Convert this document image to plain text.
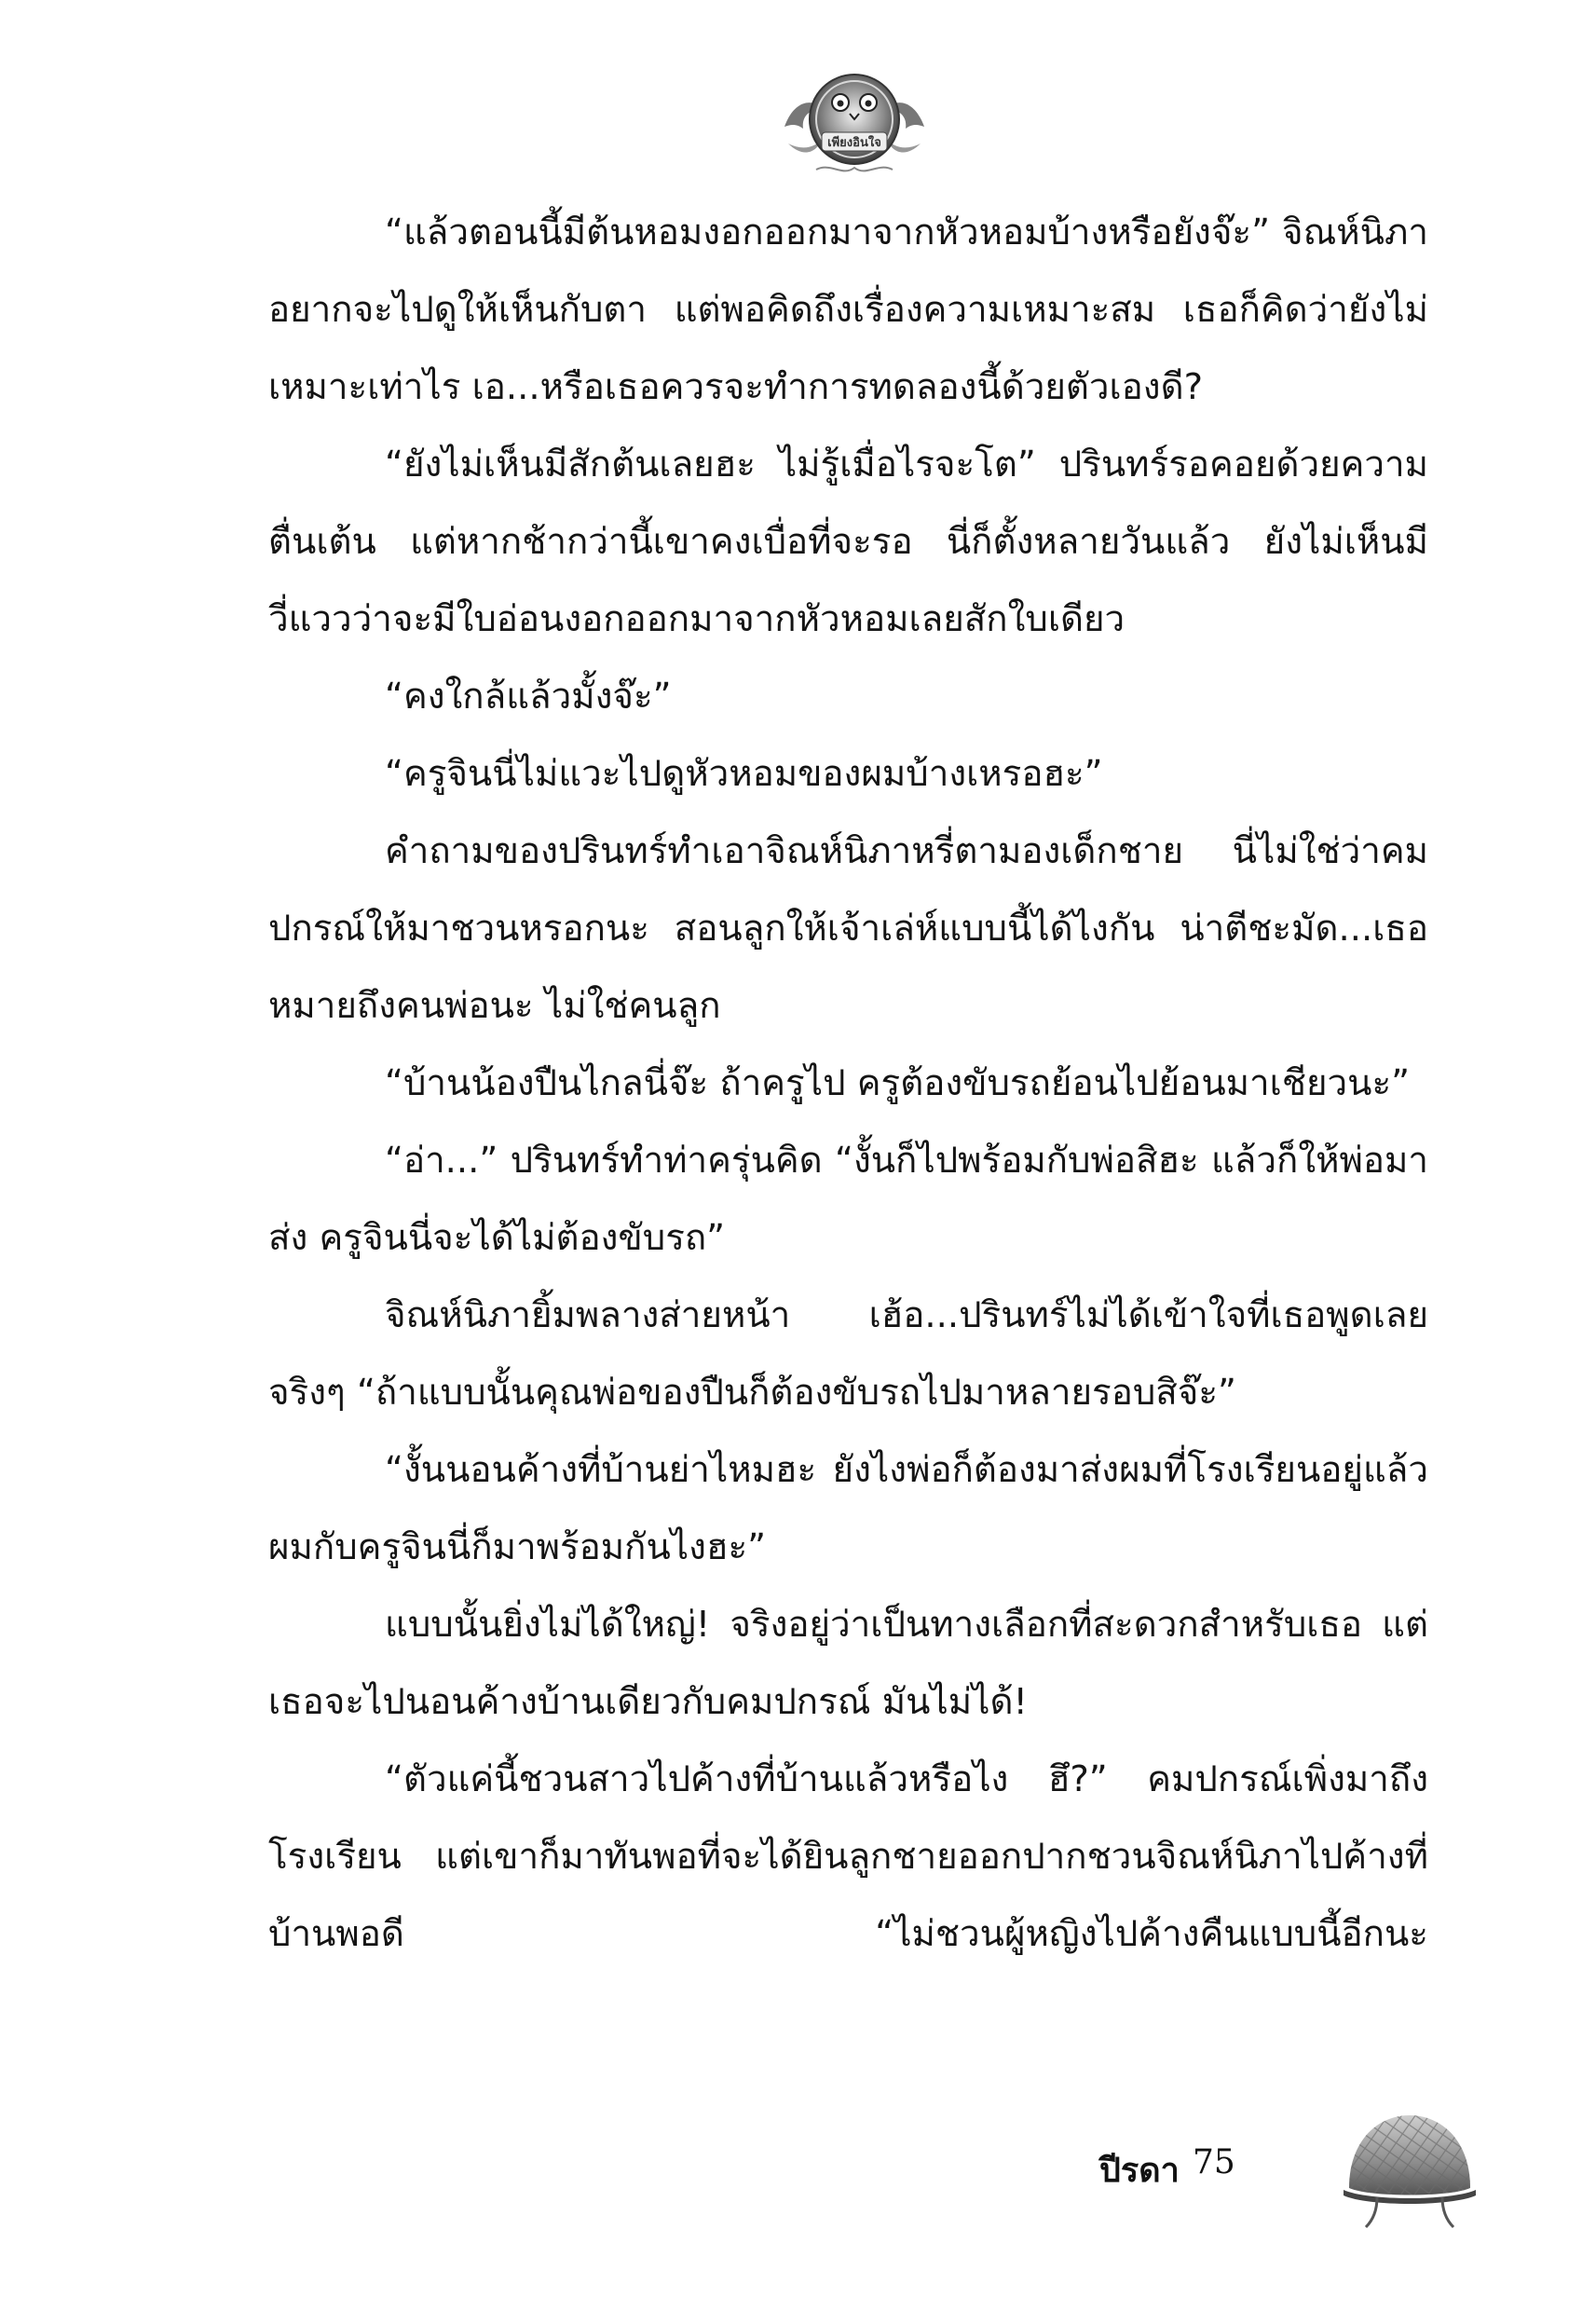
เพียงอินใจ

“แล้วตอนนี้มีต้นหอมงอกออกมาจากหัวหอมบ้างหรือยังจ๊ะ” จิณห์นิภาอยากจะไปดูให้เห็นกับตา แต่พอคิดถึงเรื่องความเหมาะสม เธอก็คิดว่ายังไม่เหมาะเท่าไร เอ...หรือเธอควรจะทำการทดลองนี้ด้วยตัวเองดี?

“ยังไม่เห็นมีสักต้นเลยฮะ ไม่รู้เมื่อไรจะโต” ปรินทร์รอคอยด้วยความตื่นเต้น แต่หากช้ากว่านี้เขาคงเบื่อที่จะรอ นี่ก็ตั้งหลายวันแล้ว ยังไม่เห็นมีวี่แววว่าจะมีใบอ่อนงอกออกมาจากหัวหอมเลยสักใบเดียว

“คงใกล้แล้วมั้งจ๊ะ”

“ครูจินนี่ไม่แวะไปดูหัวหอมของผมบ้างเหรอฮะ”

คำถามของปรินทร์ทำเอาจิณห์นิภาหรี่ตามองเด็กชาย นี่ไม่ใช่ว่าคมปกรณ์ให้มาชวนหรอกนะ สอนลูกให้เจ้าเล่ห์แบบนี้ได้ไงกัน น่าตีชะมัด...เธอหมายถึงคนพ่อนะ ไม่ใช่คนลูก

“บ้านน้องปืนไกลนี่จ๊ะ ถ้าครูไป ครูต้องขับรถย้อนไปย้อนมาเชียวนะ”

“อ่า...” ปรินทร์ทำท่าครุ่นคิด “งั้นก็ไปพร้อมกับพ่อสิฮะ แล้วก็ให้พ่อมาส่ง ครูจินนี่จะได้ไม่ต้องขับรถ”

จิณห์นิภายิ้มพลางส่ายหน้า เฮ้อ...ปรินทร์ไม่ได้เข้าใจที่เธอพูดเลยจริงๆ “ถ้าแบบนั้นคุณพ่อของปืนก็ต้องขับรถไปมาหลายรอบสิจ๊ะ”

“งั้นนอนค้างที่บ้านย่าไหมฮะ ยังไงพ่อก็ต้องมาส่งผมที่โรงเรียนอยู่แล้ว ผมกับครูจินนี่ก็มาพร้อมกันไงฮะ”

แบบนั้นยิ่งไม่ได้ใหญ่! จริงอยู่ว่าเป็นทางเลือกที่สะดวกสำหรับเธอ แต่เธอจะไปนอนค้างบ้านเดียวกับคมปกรณ์ มันไม่ได้!

“ตัวแค่นี้ชวนสาวไปค้างที่บ้านแล้วหรือไง ฮึ?” คมปกรณ์เพิ่งมาถึงโรงเรียน แต่เขาก็มาทันพอที่จะได้ยินลูกชายออกปากชวนจิณห์นิภาไปค้างที่บ้านพอดี “ไม่ชวนผู้หญิงไปค้างคืนแบบนี้อีกนะ

ปีรดา 75
